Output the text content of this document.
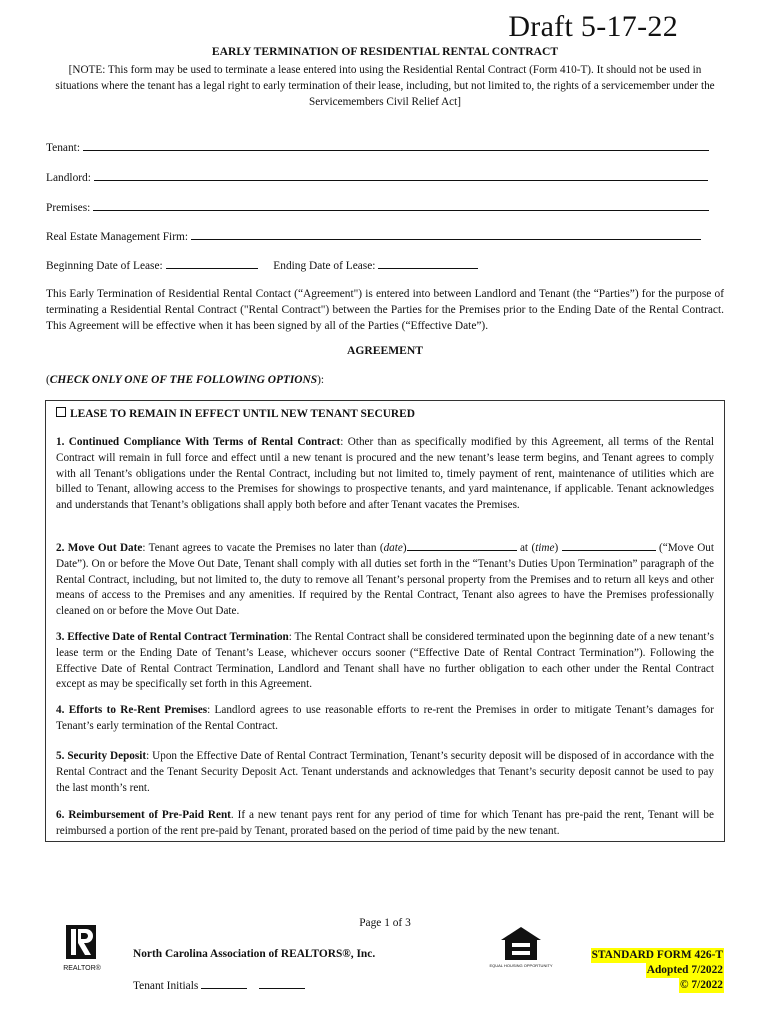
Draft 5-17-22
EARLY TERMINATION OF RESIDENTIAL RENTAL CONTRACT
[NOTE: This form may be used to terminate a lease entered into using the Residential Rental Contract (Form 410-T). It should not be used in situations where the tenant has a legal right to early termination of their lease, including, but not limited to, the rights of a servicemember under the Servicemembers Civil Relief Act]
Tenant:
Landlord:
Premises:
Real Estate Management Firm:
Beginning Date of Lease:	Ending Date of Lease:
This Early Termination of Residential Rental Contact (“Agreement") is entered into between Landlord and Tenant (the “Parties”) for the purpose of terminating a Residential Rental Contract ("Rental Contract") between the Parties for the Premises prior to the Ending Date of the Rental Contract. This Agreement will be effective when it has been signed by all of the Parties (“Effective Date”).
AGREEMENT
(CHECK ONLY ONE OF THE FOLLOWING OPTIONS):
LEASE TO REMAIN IN EFFECT UNTIL NEW TENANT SECURED
1. Continued Compliance With Terms of Rental Contract: Other than as specifically modified by this Agreement, all terms of the Rental Contract will remain in full force and effect until a new tenant is procured and the new tenant’s lease term begins, and Tenant agrees to comply with all Tenant’s obligations under the Rental Contract, including but not limited to, timely payment of rent, maintenance of utilities which are billed to Tenant, allowing access to the Premises for showings to prospective tenants, and yard maintenance, if applicable. Tenant acknowledges and understands that Tenant’s obligations shall apply both before and after Tenant vacates the Premises.
2. Move Out Date: Tenant agrees to vacate the Premises no later than (date)	at (time)	(“Move Out Date”). On or before the Move Out Date, Tenant shall comply with all duties set forth in the “Tenant’s Duties Upon Termination” paragraph of the Rental Contract, including, but not limited to, the duty to remove all Tenant’s personal property from the Premises and to return all keys and other means of access to the Premises and any amenities. If required by the Rental Contract, Tenant also agrees to have the Premises professionally cleaned on or before the Move Out Date.
3. Effective Date of Rental Contract Termination: The Rental Contract shall be considered terminated upon the beginning date of a new tenant’s lease term or the Ending Date of Tenant’s Lease, whichever occurs sooner (“Effective Date of Rental Contract Termination”). Following the Effective Date of Rental Contract Termination, Landlord and Tenant shall have no further obligation to each other under the Rental Contract except as may be specifically set forth in this Agreement.
4. Efforts to Re-Rent Premises: Landlord agrees to use reasonable efforts to re-rent the Premises in order to mitigate Tenant’s damages for Tenant’s early termination of the Rental Contract.
5. Security Deposit: Upon the Effective Date of Rental Contract Termination, Tenant’s security deposit will be disposed of in accordance with the Rental Contract and the Tenant Security Deposit Act. Tenant understands and acknowledges that Tenant’s security deposit cannot be used to pay the last month’s rent.
6. Reimbursement of Pre-Paid Rent. If a new tenant pays rent for any period of time for which Tenant has pre-paid the rent, Tenant will be reimbursed a portion of the rent pre-paid by Tenant, prorated based on the period of time paid by the new tenant.
Page 1 of 3
REALTOR®
North Carolina Association of REALTORS®, Inc.
Tenant Initials
EQUAL HOUSING OPPORTUNITY
STANDARD FORM 426-T
Adopted 7/2022
© 7/2022
